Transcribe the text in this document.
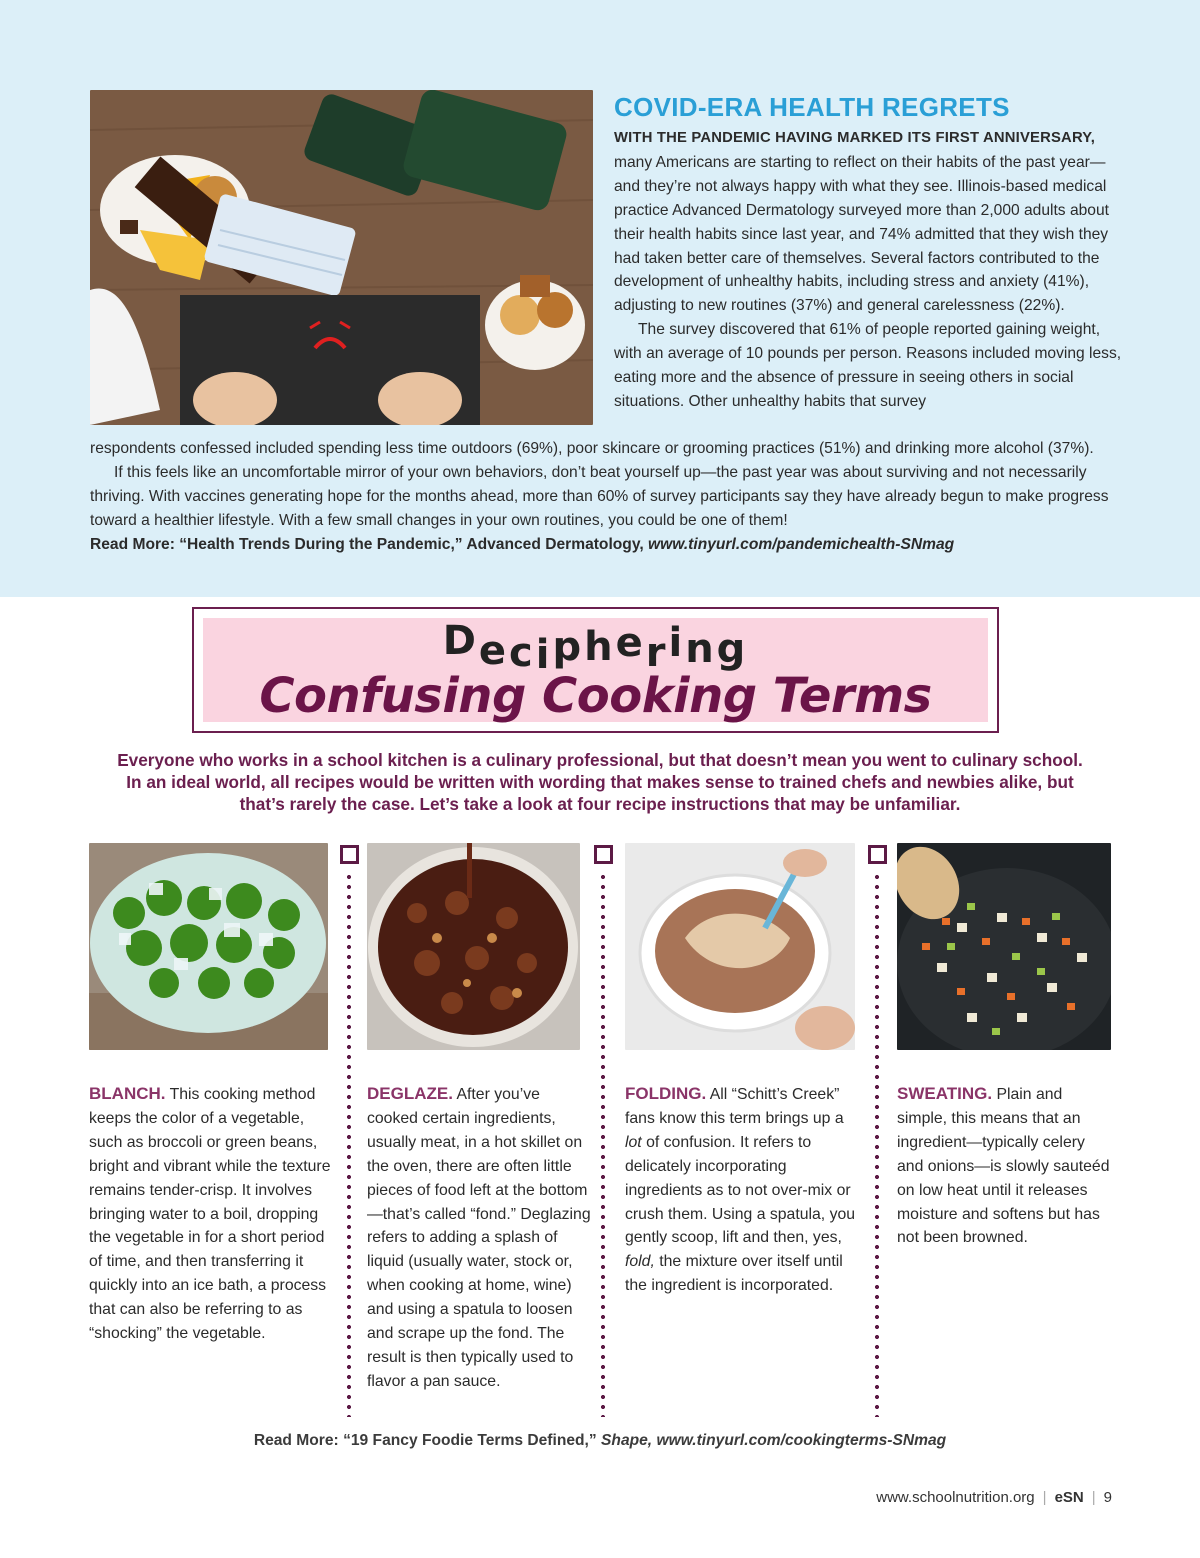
COVID-ERA HEALTH REGRETS

WITH THE PANDEMIC HAVING MARKED ITS FIRST ANNIVERSARY,
many Americans are starting to reflect on their habits of the past year—and they’re not always happy with what they see. Illinois-based medical practice Advanced Dermatology surveyed more than 2,000 adults about their health habits since last year, and 74% admitted that they wish they had taken better care of themselves. Several factors contributed to the development of unhealthy habits, including stress and anxiety (41%), adjusting to new routines (37%) and general carelessness (22%).

The survey discovered that 61% of people reported gaining weight, with an average of 10 pounds per person. Reasons included moving less, eating more and the absence of pressure in seeing others in social situations. Other unhealthy habits that survey

respondents confessed included spending less time outdoors (69%), poor skincare or grooming practices (51%) and drinking more alcohol (37%).

If this feels like an uncomfortable mirror of your own behaviors, don’t beat yourself up—the past year was about surviving and not necessarily thriving. With vaccines generating hope for the months ahead, more than 60% of survey participants say they have already begun to make progress toward a healthier lifestyle. With a few small changes in your own routines, you could be one of them!

Read More: “Health Trends During the Pandemic,” Advanced Dermatology, www.tinyurl.com/pandemichealth-SNmag

Deciphering
Confusing Cooking Terms

Everyone who works in a school kitchen is a culinary professional, but that doesn’t mean you went to culinary school.

In an ideal world, all recipes would be written with wording that makes sense to trained chefs and newbies alike, but

that’s rarely the case. Let’s take a look at four recipe instructions that may be unfamiliar.

BLANCH. This cooking method keeps the color of a vegetable, such as broccoli or green beans, bright and vibrant while the texture remains tender-crisp. It involves bringing water to a boil, dropping the vegetable in for a short period of time, and then transferring it quickly into an ice bath, a process that can also be referring to as “shocking” the vegetable.
DEGLAZE. After you’ve cooked certain ingredients, usually meat, in a hot skillet on the oven, there are often little pieces of food left at the bottom—that’s called “fond.” Deglazing refers to adding a splash of liquid (usually water, stock or, when cooking at home, wine) and using a spatula to loosen and scrape up the fond. The result is then typically used to flavor a pan sauce.
FOLDING. All “Schitt’s Creek” fans know this term brings up a lot of confusion. It refers to delicately incorporating ingredients as to not over-mix or crush them. Using a spatula, you gently scoop, lift and then, yes, fold, the mixture over itself until the ingredient is incorporated.
SWEATING. Plain and simple, this means that an ingredient—typically celery and onions—is slowly sauteéd on low heat until it releases moisture and softens but has not been browned.
Read More: “19 Fancy Foodie Terms Defined,” Shape, www.tinyurl.com/cookingterms-SNmag
www.schoolnutrition.org | eSN | 9
